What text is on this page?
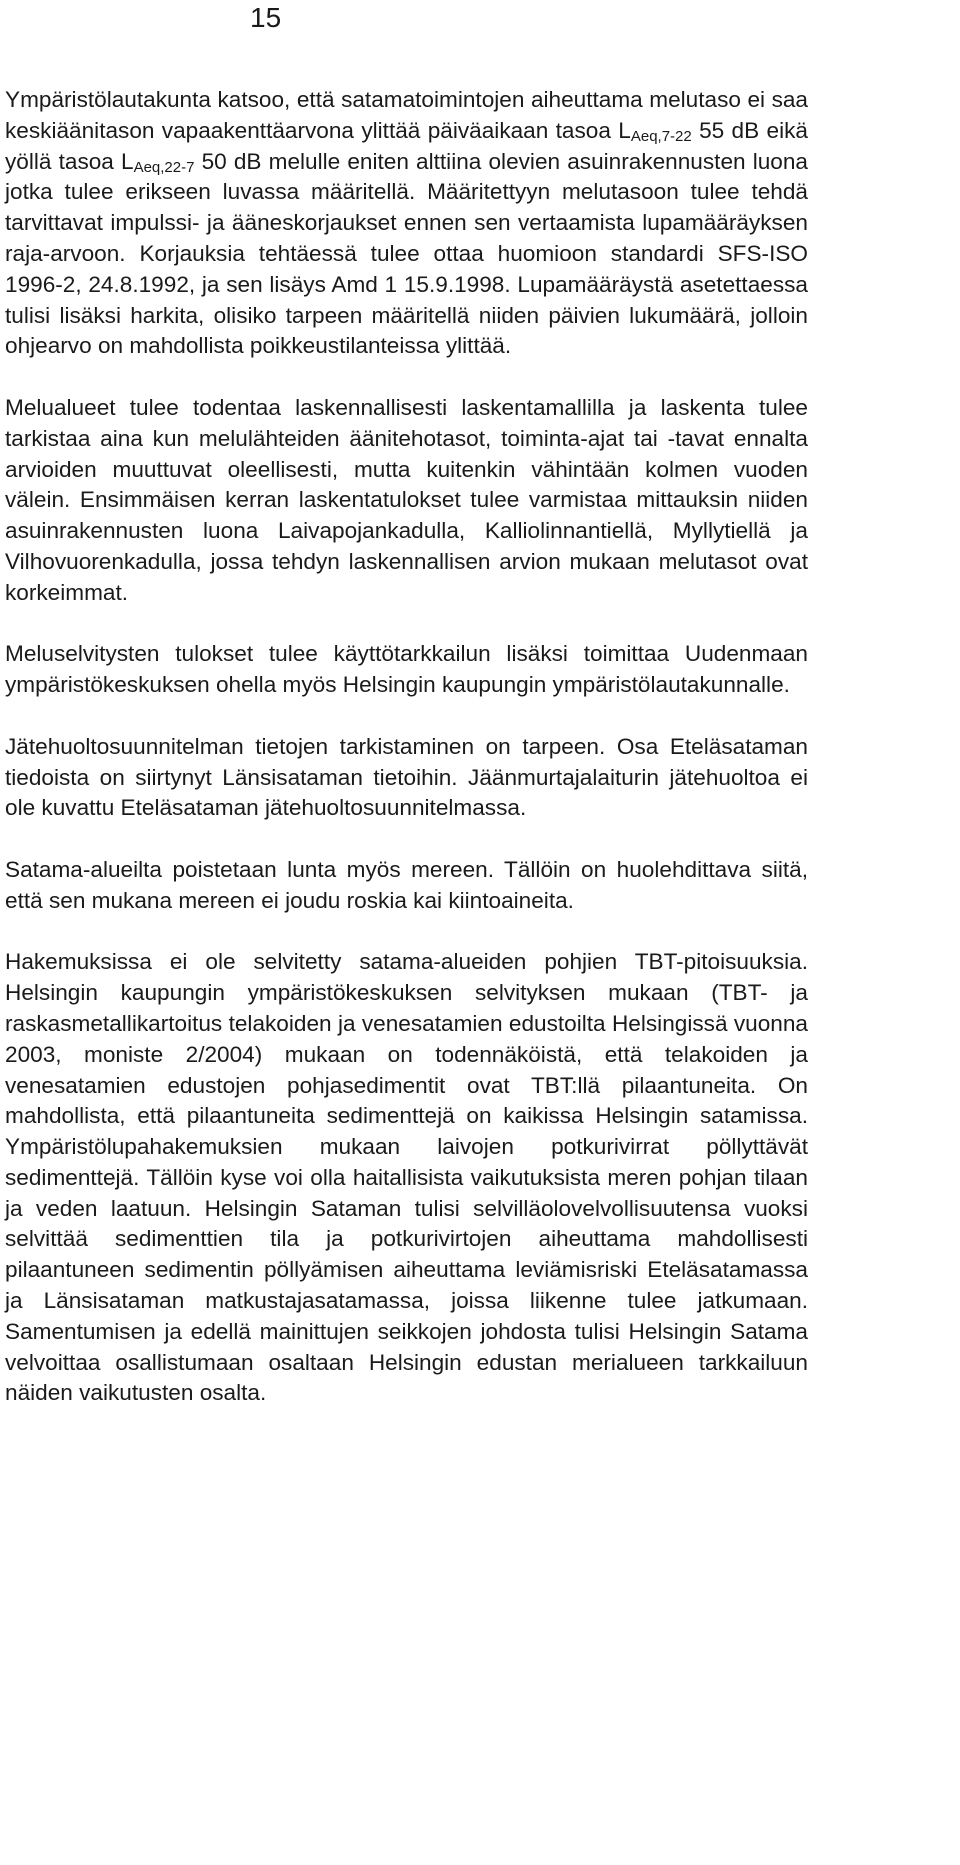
15

Ympäristölautakunta katsoo, että satamatoimintojen aiheuttama melutaso ei saa keskiäänitason vapaakenttäarvona ylittää päiväaikaan tasoa $L_{Aeq,7-22}$ 55 dB eikä yöllä tasoa $L_{Aeq,22-7}$ 50 dB melulle eniten alttiina olevien asuinrakennusten luona jotka tulee erikseen luvassa määritellä. Määritettyyn melutasoon tulee tehdä tarvittavat impulssi- ja ääneskorjaukset ennen sen vertaamista lupamääräyksen raja-arvoon. Korjauksia tehtäessä tulee ottaa huomioon standardi SFS-ISO 1996-2, 24.8.1992, ja sen lisäys Amd 1 15.9.1998. Lupamääräystä asetettaessa tulisi lisäksi harkita, olisiko tarpeen määritellä niiden päivien lukumäärä, jolloin ohjearvo on mahdollista poikkeustilanteissa ylittää.

Melualueet tulee todentaa laskennallisesti laskentamallilla ja laskenta tulee tarkistaa aina kun melulähteiden äänitehotasot, toiminta-ajat tai -tavat ennalta arvioiden muuttuvat oleellisesti, mutta kuitenkin vähintään kolmen vuoden välein. Ensimmäisen kerran laskentatulokset tulee varmistaa mittauksin niiden asuinrakennusten luona Laivapojankadulla, Kalliolinnantiellä, Myllytiellä ja Vilhovuorenkadulla, jossa tehdyn laskennallisen arvion mukaan melutasot ovat korkeimmat.

Meluselvitysten tulokset tulee käyttötarkkailun lisäksi toimittaa Uudenmaan ympäristökeskuksen ohella myös Helsingin kaupungin ympäristölautakunnalle.

Jätehuoltosuunnitelman tietojen tarkistaminen on tarpeen. Osa Eteläsataman tiedoista on siirtynyt Länsisataman tietoihin. Jäänmurtajalaiturin jätehuoltoa ei ole kuvattu Eteläsataman jätehuoltosuunnitelmassa.

Satama-alueilta poistetaan lunta myös mereen. Tällöin on huolehdittava siitä, että sen mukana mereen ei joudu roskia kai kiintoaineita.

Hakemuksissa ei ole selvitetty satama-alueiden pohjien TBT-pitoisuuksia. Helsingin kaupungin ympäristökeskuksen selvityksen mukaan (TBT- ja raskasmetallikartoitus telakoiden ja venesatamien edustoilta Helsingissä vuonna 2003, moniste 2/2004) mukaan on todennäköistä, että telakoiden ja venesatamien edustojen pohjasedimentit ovat TBT:llä pilaantuneita. On mahdollista, että pilaantuneita sedimenttejä on kaikissa Helsingin satamissa. Ympäristölupahakemuksien mukaan laivojen potkurivirrat pöllyttävät sedimenttejä. Tällöin kyse voi olla haitallisista vaikutuksista meren pohjan tilaan ja veden laatuun. Helsingin Sataman tulisi selvilläolovelvollisuutensa vuoksi selvittää sedimenttien tila ja potkurivirtojen aiheuttama mahdollisesti pilaantuneen sedimentin pöllyämisen aiheuttama leviämisriski Eteläsatamassa ja Länsisataman matkustajasatamassa, joissa liikenne tulee jatkumaan. Samentumisen ja edellä mainittujen seikkojen johdosta tulisi Helsingin Satama velvoittaa osallistumaan osaltaan Helsingin edustan merialueen tarkkailuun näiden vaikutusten osalta.
